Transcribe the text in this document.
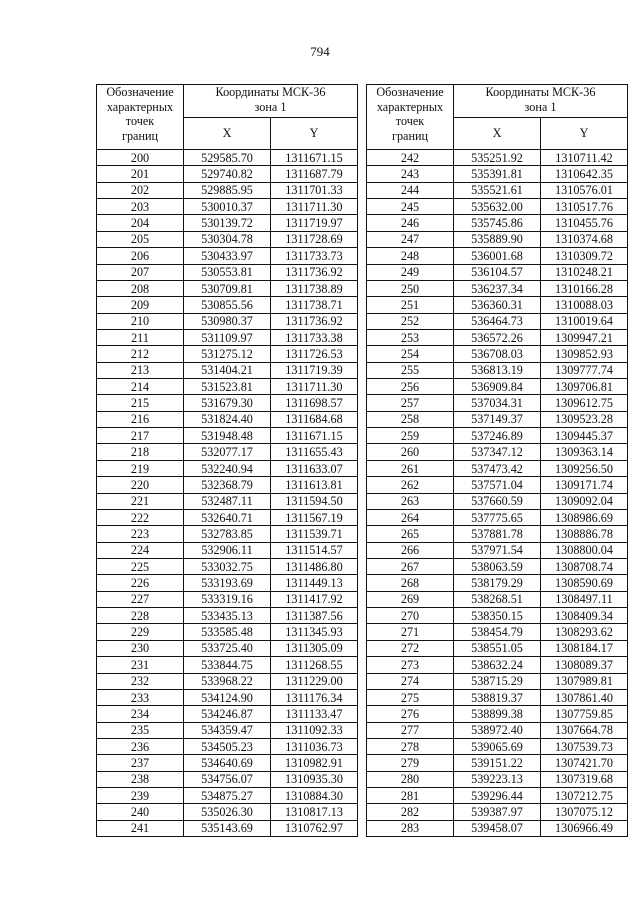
794
Обозначение
характерных
точек
границ	Координаты МСК-36
зона 1	

	X	Y
200	529585.70	1311671.15
201	529740.82	1311687.79
202	529885.95	1311701.33
203	530010.37	1311711.30
204	530139.72	1311719.97
205	530304.78	1311728.69
206	530433.97	1311733.73
207	530553.81	1311736.92
208	530709.81	1311738.89
209	530855.56	1311738.71
210	530980.37	1311736.92
211	531109.97	1311733.38
212	531275.12	1311726.53
213	531404.21	1311719.39
214	531523.81	1311711.30
215	531679.30	1311698.57
216	531824.40	1311684.68
217	531948.48	1311671.15
218	532077.17	1311655.43
219	532240.94	1311633.07
220	532368.79	1311613.81
221	532487.11	1311594.50
222	532640.71	1311567.19
223	532783.85	1311539.71
224	532906.11	1311514.57
225	533032.75	1311486.80
226	533193.69	1311449.13
227	533319.16	1311417.92
228	533435.13	1311387.56
229	533585.48	1311345.93
230	533725.40	1311305.09
231	533844.75	1311268.55
232	533968.22	1311229.00
233	534124.90	1311176.34
234	534246.87	1311133.47
235	534359.47	1311092.33
236	534505.23	1311036.73
237	534640.69	1310982.91
238	534756.07	1310935.30
239	534875.27	1310884.30
240	535026.30	1310817.13
241	535143.69	1310762.97
Обозначение
характерных
точек
границ	Координаты МСК-36
зона 1	

	X	Y
242	535251.92	1310711.42
243	535391.81	1310642.35
244	535521.61	1310576.01
245	535632.00	1310517.76
246	535745.86	1310455.76
247	535889.90	1310374.68
248	536001.68	1310309.72
249	536104.57	1310248.21
250	536237.34	1310166.28
251	536360.31	1310088.03
252	536464.73	1310019.64
253	536572.26	1309947.21
254	536708.03	1309852.93
255	536813.19	1309777.74
256	536909.84	1309706.81
257	537034.31	1309612.75
258	537149.37	1309523.28
259	537246.89	1309445.37
260	537347.12	1309363.14
261	537473.42	1309256.50
262	537571.04	1309171.74
263	537660.59	1309092.04
264	537775.65	1308986.69
265	537881.78	1308886.78
266	537971.54	1308800.04
267	538063.59	1308708.74
268	538179.29	1308590.69
269	538268.51	1308497.11
270	538350.15	1308409.34
271	538454.79	1308293.62
272	538551.05	1308184.17
273	538632.24	1308089.37
274	538715.29	1307989.81
275	538819.37	1307861.40
276	538899.38	1307759.85
277	538972.40	1307664.78
278	539065.69	1307539.73
279	539151.22	1307421.70
280	539223.13	1307319.68
281	539296.44	1307212.75
282	539387.97	1307075.12
283	539458.07	1306966.49
